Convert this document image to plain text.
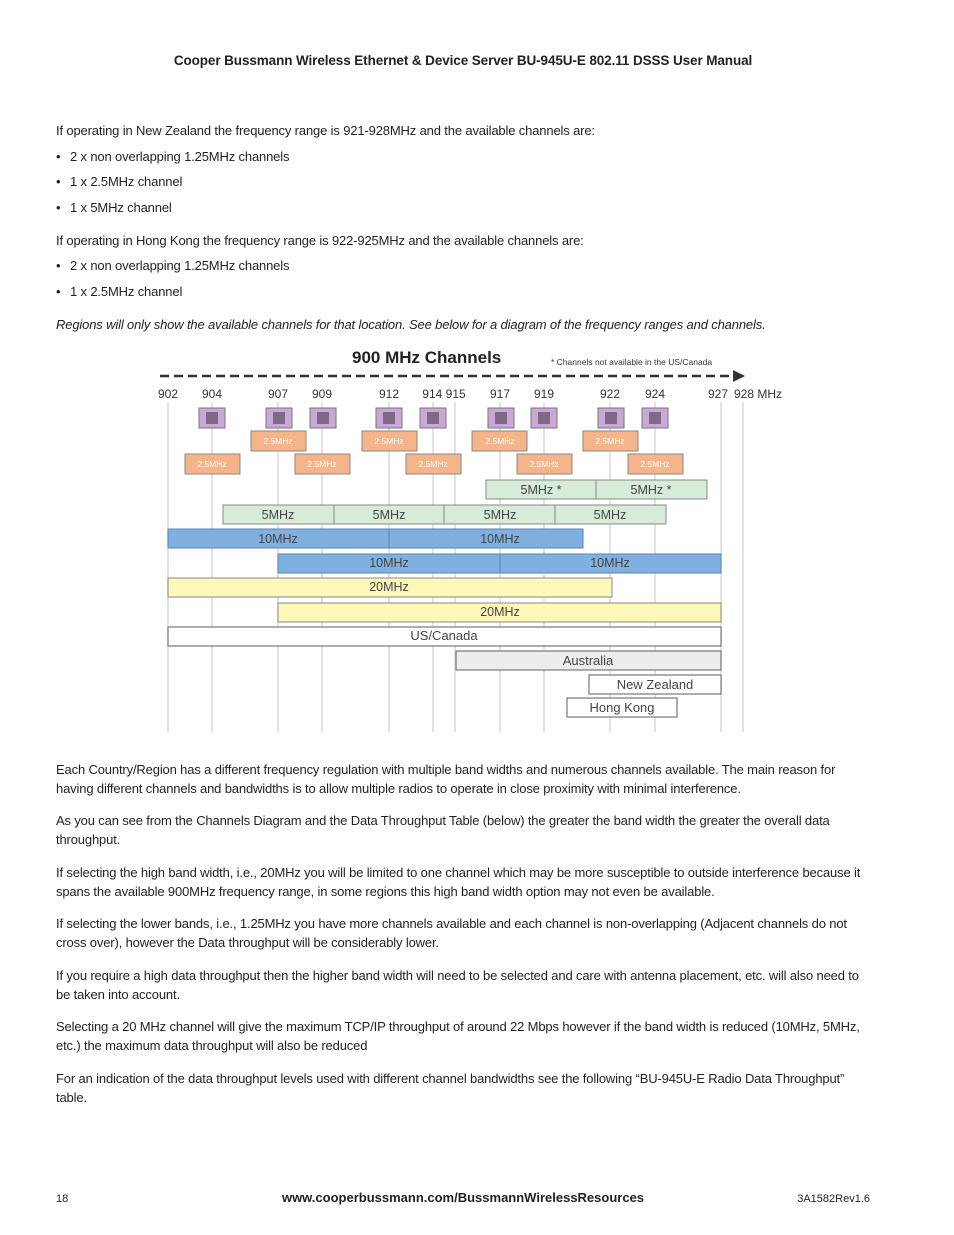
Cooper Bussmann Wireless Ethernet & Device Server BU-945U-E 802.11 DSSS User Manual
If operating in New Zealand the frequency range is 921-928MHz and the available channels are:
• 2 x non overlapping 1.25MHz channels
• 1 x 2.5MHz channel
• 1 x 5MHz channel
If operating in Hong Kong the frequency range is 922-925MHz and the available channels are:
• 2 x non overlapping 1.25MHz channels
• 1 x 2.5MHz channel
Regions will only show the available channels for that location. See below for a diagram of the frequency ranges and channels.
900 MHz Channels	* Channels not available in the US/Canada
902 904	907 909	912 914 915 917 919	922 924	927 928 MHz
2.5MHz	2.5MHz	2.5MHz	2.5MHz
2.5MHz	2.5MHz	2.5MHz	2.5MHz	2.5MHz
5MHz *	5MHz *
5MHz	5MHz	5MHz	5MHz
10MHz	10MHz
10MHz	10MHz
20MHz
20MHz
US/Canada
Australia
New Zealand
Hong Kong
Each Country/Region has a different frequency regulation with multiple band widths and numerous channels available. The main reason for having different channels and bandwidths is to allow multiple radios to operate in close proximity with minimal interference.
As you can see from the Channels Diagram and the Data Throughput Table (below) the greater the band width the greater the overall data throughput.
If selecting the high band width, i.e., 20MHz you will be limited to one channel which may be more susceptible to outside interference because it spans the available 900MHz frequency range, in some regions this high band width option may not even be available.
If selecting the lower bands, i.e., 1.25MHz you have more channels available and each channel is non-overlapping (Adjacent channels do not cross over), however the Data throughput will be considerably lower.
If you require a high data throughput then the higher band width will need to be selected and care with antenna placement, etc. will also need to be taken into account.
Selecting a 20 MHz channel will give the maximum TCP/IP throughput of around 22 Mbps however if the band width is reduced (10MHz, 5MHz, etc.) the maximum data throughput will also be reduced
For an indication of the data throughput levels used with different channel bandwidths see the following “BU-945U-E Radio Data Throughput” table.
18	www.cooperbussmann.com/BussmannWirelessResources	3A1582Rev1.6
